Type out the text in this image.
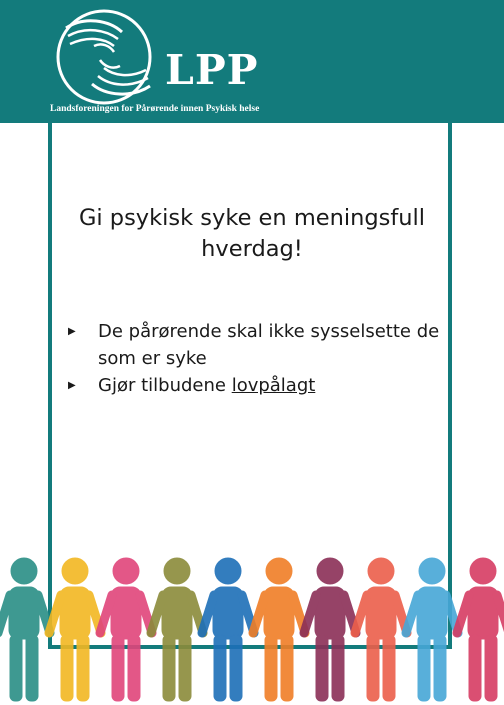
LPP
Landsforeningen for Pårørende innen Psykisk helse
Gi psykisk syke en meningsfull hverdag!
▶ De pårørende skal ikke sysselsette de som er syke
▶ Gjør tilbudene lovpålagt
